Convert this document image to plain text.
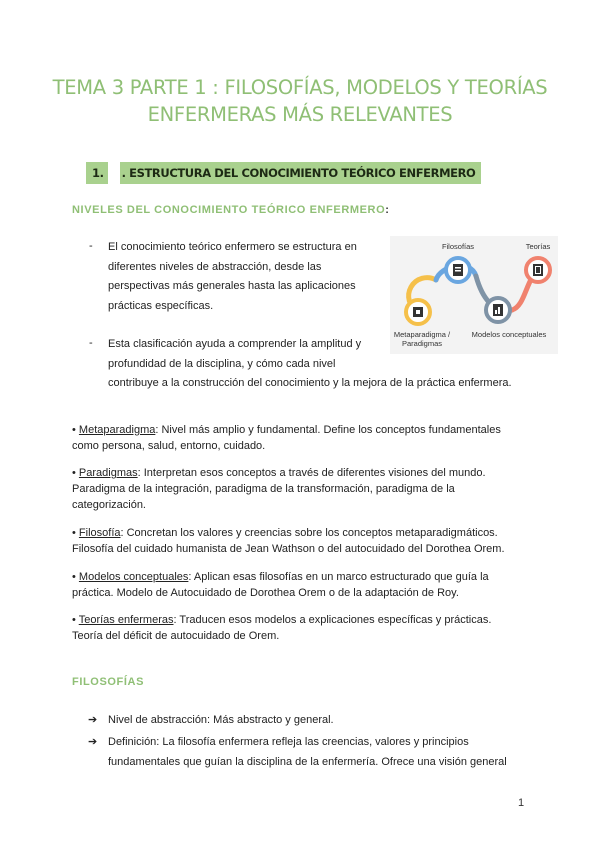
TEMA 3 PARTE 1 : FILOSOFÍAS, MODELOS Y TEORÍAS
ENFERMERAS MÁS RELEVANTES
1.	. ESTRUCTURA DEL CONOCIMIENTO TEÓRICO ENFERMERO
NIVELES DEL CONOCIMIENTO TEÓRICO ENFERMERO:
- El conocimiento teórico enfermero se estructura en
diferentes niveles de abstracción, desde las
perspectivas más generales hasta las aplicaciones
prácticas específicas.
- Esta clasificación ayuda a comprender la amplitud y
profundidad de la disciplina, y cómo cada nivel
contribuye a la construcción del conocimiento y la mejora de la práctica enfermera.
Filosofías	Teorías
Metaparadigma /
Paradigmas
Modelos conceptuales
• Metaparadigma: Nivel más amplio y fundamental. Define los conceptos fundamentales
como persona, salud, entorno, cuidado.
• Paradigmas: Interpretan esos conceptos a través de diferentes visiones del mundo.
Paradigma de la integración, paradigma de la transformación, paradigma de la
categorización.
• Filosofía: Concretan los valores y creencias sobre los conceptos metaparadigmáticos.
Filosofía del cuidado humanista de Jean Wathson o del autocuidado del Dorothea Orem.
• Modelos conceptuales: Aplican esas filosofías en un marco estructurado que guía la
práctica. Modelo de Autocuidado de Dorothea Orem o de la adaptación de Roy.
• Teorías enfermeras: Traducen esos modelos a explicaciones específicas y prácticas.
Teoría del déficit de autocuidado de Orem.
FILOSOFÍAS
➔ Nivel de abstracción: Más abstracto y general.
➔ Definición: La filosofía enfermera refleja las creencias, valores y principios
fundamentales que guían la disciplina de la enfermería. Ofrece una visión general
1
